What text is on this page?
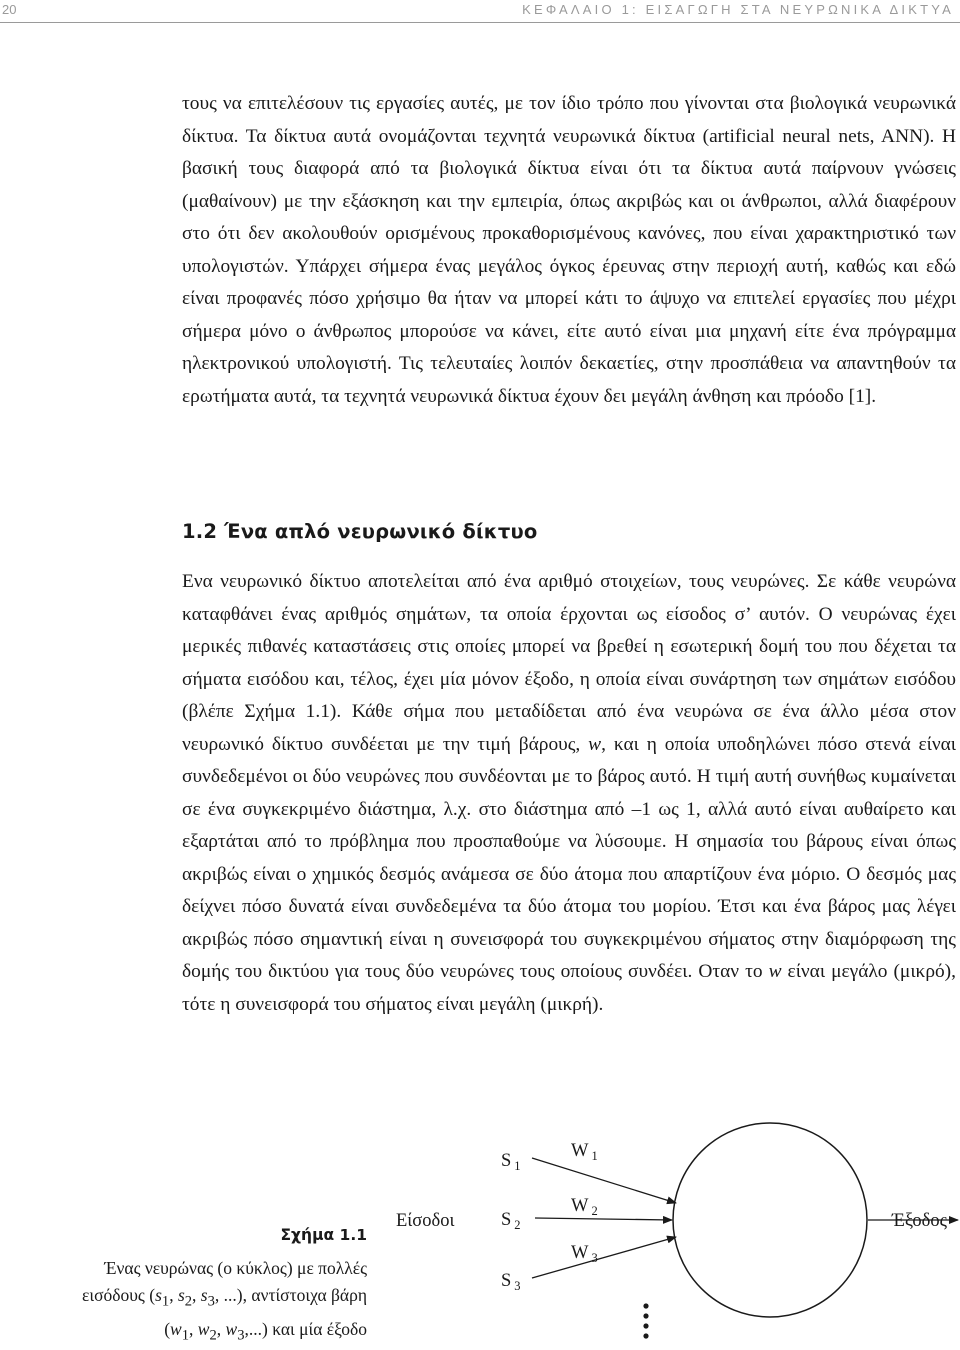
20	ΚΕΦΑΛΑΙΟ 1: ΕΙΣΑΓΩΓΗ ΣΤΑ ΝΕΥΡΩΝΙΚΑ ΔΙΚΤΥΑ

τους να επιτελέσουν τις εργασίες αυτές, με τον ίδιο τρόπο που γίνονται στα βιολογικά νευρωνικά δίκτυα. Τα δίκτυα αυτά ονομάζονται τεχνητά νευρωνικά δίκτυα (artificial neural nets, ANN). Η βασική τους διαφορά από τα βιολογικά δίκτυα είναι ότι τα δίκτυα αυτά παίρνουν γνώσεις (μαθαίνουν) με την εξάσκηση και την εμπειρία, όπως ακριβώς και οι άνθρωποι, αλλά διαφέρουν στο ότι δεν ακολουθούν ορισμένους προκαθορισμένους κανόνες, που είναι χαρακτηριστικό των υπολογιστών. Υπάρχει σήμερα ένας μεγάλος όγκος έρευνας στην περιοχή αυτή, καθώς και εδώ είναι προφανές πόσο χρήσιμο θα ήταν να μπορεί κάτι το άψυχο να επιτελεί εργασίες που μέχρι σήμερα μόνο ο άνθρωπος μπορούσε να κάνει, είτε αυτό είναι μια μηχανή είτε ένα πρόγραμμα ηλεκτρονικού υπολογιστή. Τις τελευταίες λοιπόν δεκαετίες, στην προσπάθεια να απαντηθούν τα ερωτήματα αυτά, τα τεχνητά νευρωνικά δίκτυα έχουν δει μεγάλη άνθηση και πρόοδο [1].

1.2 Ένα απλό νευρωνικό δίκτυο

Ενα νευρωνικό δίκτυο αποτελείται από ένα αριθμό στοιχείων, τους νευρώνες. Σε κάθε νευρώνα καταφθάνει ένας αριθμός σημάτων, τα οποία έρχονται ως είσοδος σ’ αυτόν. Ο νευρώνας έχει μερικές πιθανές καταστάσεις στις οποίες μπορεί να βρεθεί η εσωτερική δομή του που δέχεται τα σήματα εισόδου και, τέλος, έχει μία μόνον έξοδο, η οποία είναι συνάρτηση των σημάτων εισόδου (βλέπε Σχήμα 1.1). Κάθε σήμα που μεταδίδεται από ένα νευρώνα σε ένα άλλο μέσα στον νευρωνικό δίκτυο συνδέεται με την τιμή βάρους, w, και η οποία υποδηλώνει πόσο στενά είναι συνδεδεμένοι οι δύο νευρώνες που συνδέονται με το βάρος αυτό. Η τιμή αυτή συνήθως κυμαίνεται σε ένα συγκεκριμένο διάστημα, λ.χ. στο διάστημα από –1 ως 1, αλλά αυτό είναι αυθαίρετο και εξαρτάται από το πρόβλημα που προσπαθούμε να λύσουμε. Η σημασία του βάρους είναι όπως ακριβώς είναι ο χημικός δεσμός ανάμεσα σε δύο άτομα που απαρτίζουν ένα μόριο. Ο δεσμός μας δείχνει πόσο δυνατά είναι συνδεδεμένα τα δύο άτομα του μορίου. Έτσι και ένα βάρος μας λέγει ακριβώς πόσο σημαντική είναι η συνεισφορά του συγκεκριμένου σήματος στην διαμόρφωση της δομής του δικτύου για τους δύο νευρώνες τους οποίους συνδέει. Οταν το w είναι μεγάλο (μικρό), τότε η συνεισφορά του σήματος είναι μεγάλη (μικρή).

S $_1$
S $_2$
S $_3$
W $_1$
W $_2$
W $_3$
Είσοδοι	Έξοδος
Σχήμα 1.1
Ένας νευρώνας (ο κύκλος) με πολλές
εισόδους ($s_1$, $s_2$, $s_3$, ...), αντίστοιχα βάρη
($w_1$, $w_2$, $w_3$,...) και μία έξοδο
